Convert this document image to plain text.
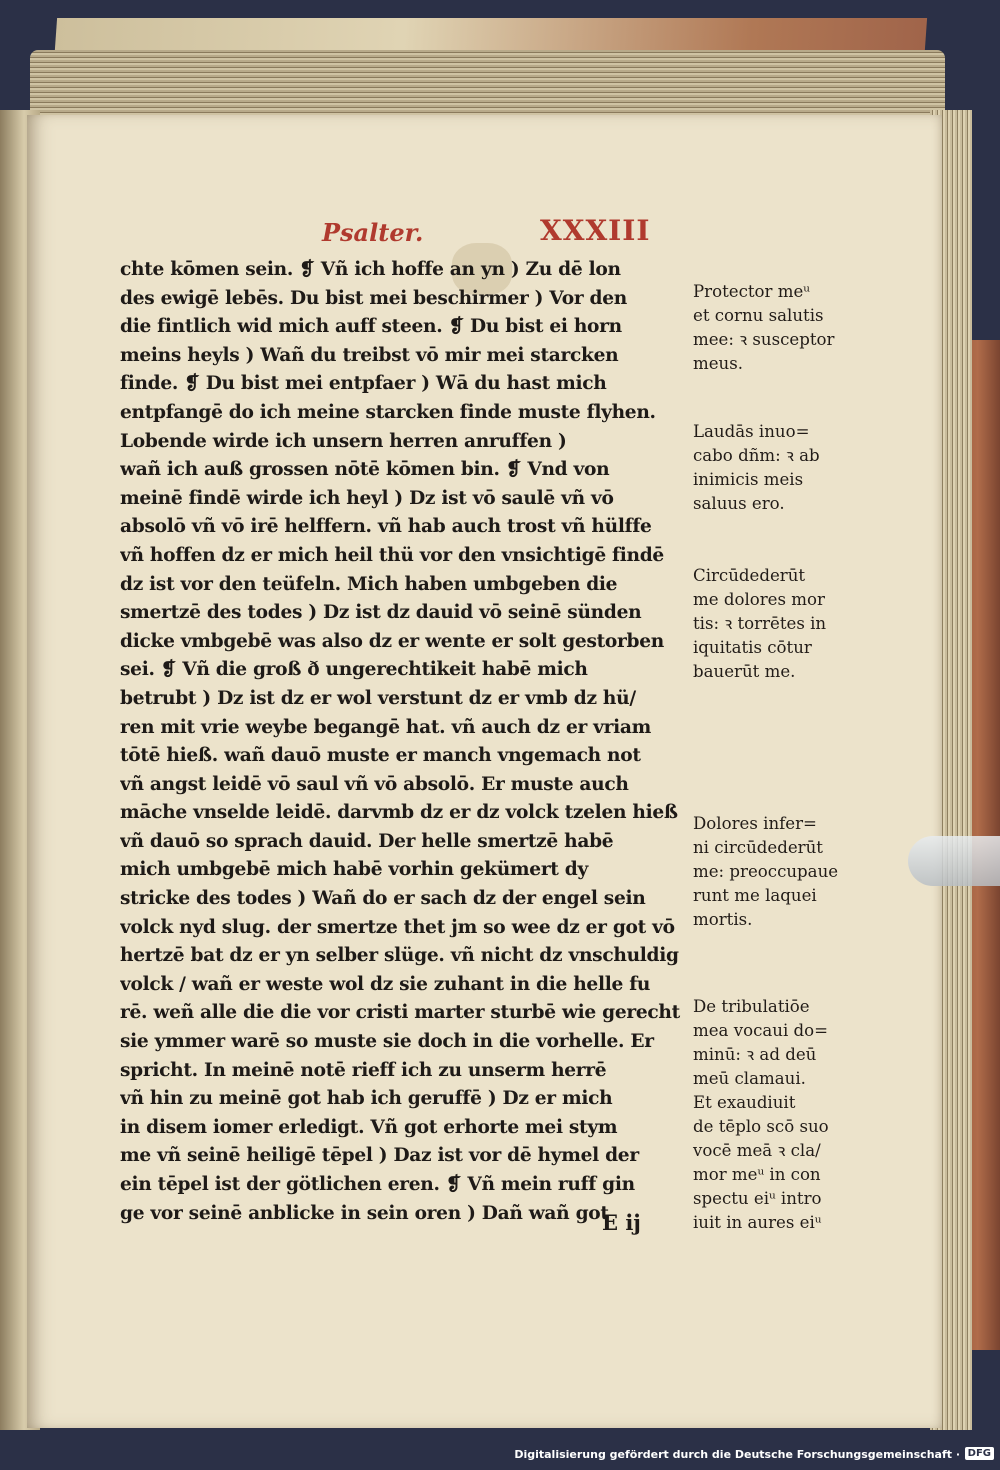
Psalter.	XXXIII
chte kōmen sein. ❡ Vñ ich hoffe an yn ) Zu dē lon
des ewigē lebēs. Du bist mei beschirmer ) Vor den
die fintlich wid mich auff steen. ❡ Du bist ei horn
meins heyls ) Wañ du treibst vō mir mei starcken
finde. ❡ Du bist mei entpfaer ) Wā du hast mich
entpfangē do ich meine starcken finde muste flyhen.
Lobende wirde ich unsern herren anruffen )
wañ ich auß grossen nōtē kōmen bin. ❡ Vnd von
meinē findē wirde ich heyl ) Dz ist vō saulē vñ vō
absolō vñ vō irē helffern. vñ hab auch trost vñ hülffe
vñ hoffen dz er mich heil thü vor den vnsichtigē findē
dz ist vor den teüfeln. Mich haben umbgeben die
smertzē des todes ) Dz ist dz dauid vō seinē sünden
dicke vmbgebē was also dz er wente er solt gestorben
sei. ❡ Vñ die groß ð ungerechtikeit habē mich
betrubt ) Dz ist dz er wol verstunt dz er vmb dz hü/
ren mit vrie weybe begangē hat. vñ auch dz er vriam
tōtē hieß. wañ dauō muste er manch vngemach not
vñ angst leidē vō saul vñ vō absolō. Er muste auch
māche vnselde leidē. darvmb dz er dz volck tzelen hieß
vñ dauō so sprach dauid. Der helle smertzē habē
mich umbgebē mich habē vorhin gekümert dy
stricke des todes ) Wañ do er sach dz der engel sein
volck nyd slug. der smertze thet jm so wee dz er got vō
hertzē bat dz er yn selber slüge. vñ nicht dz vnschuldig
volck / wañ er weste wol dz sie zuhant in die helle fu
rē. weñ alle die die vor cristi marter sturbē wie gerecht
sie ymmer warē so muste sie doch in die vorhelle. Er
spricht. In meinē notē rieff ich zu unserm herrē
vñ hin zu meinē got hab ich geruffē ) Dz er mich
in disem iomer erledigt. Vñ got erhorte mei stym
me vñ seinē heiligē tēpel ) Daz ist vor dē hymel der
ein tēpel ist der götlichen eren. ❡ Vñ mein ruff gin
ge vor seinē anblicke in sein oren ) Dañ wañ got
E ij
Protector meᵘ
et cornu salutis
mee: ꝛ susceptor
meus.
Laudās inuo=
cabo dñm: ꝛ ab
inimicis meis
saluus ero.
Circūdederūt
me dolores mor
tis: ꝛ torrētes in
iquitatis cōtur
bauerūt me.
Dolores infer=
ni circūdederūt
me: preoccupaue
runt me laquei
mortis.
De tribulatiōe
mea vocaui do=
minū: ꝛ ad deū
meū clamaui.
Et exaudiuit
de tēplo scō suo
vocē meā ꝛ cla/
mor meᵘ in con
spectu eiᵘ intro
iuit in aures eiᵘ
Digitalisierung gefördert durch die Deutsche Forschungsgemeinschaft · DFG
